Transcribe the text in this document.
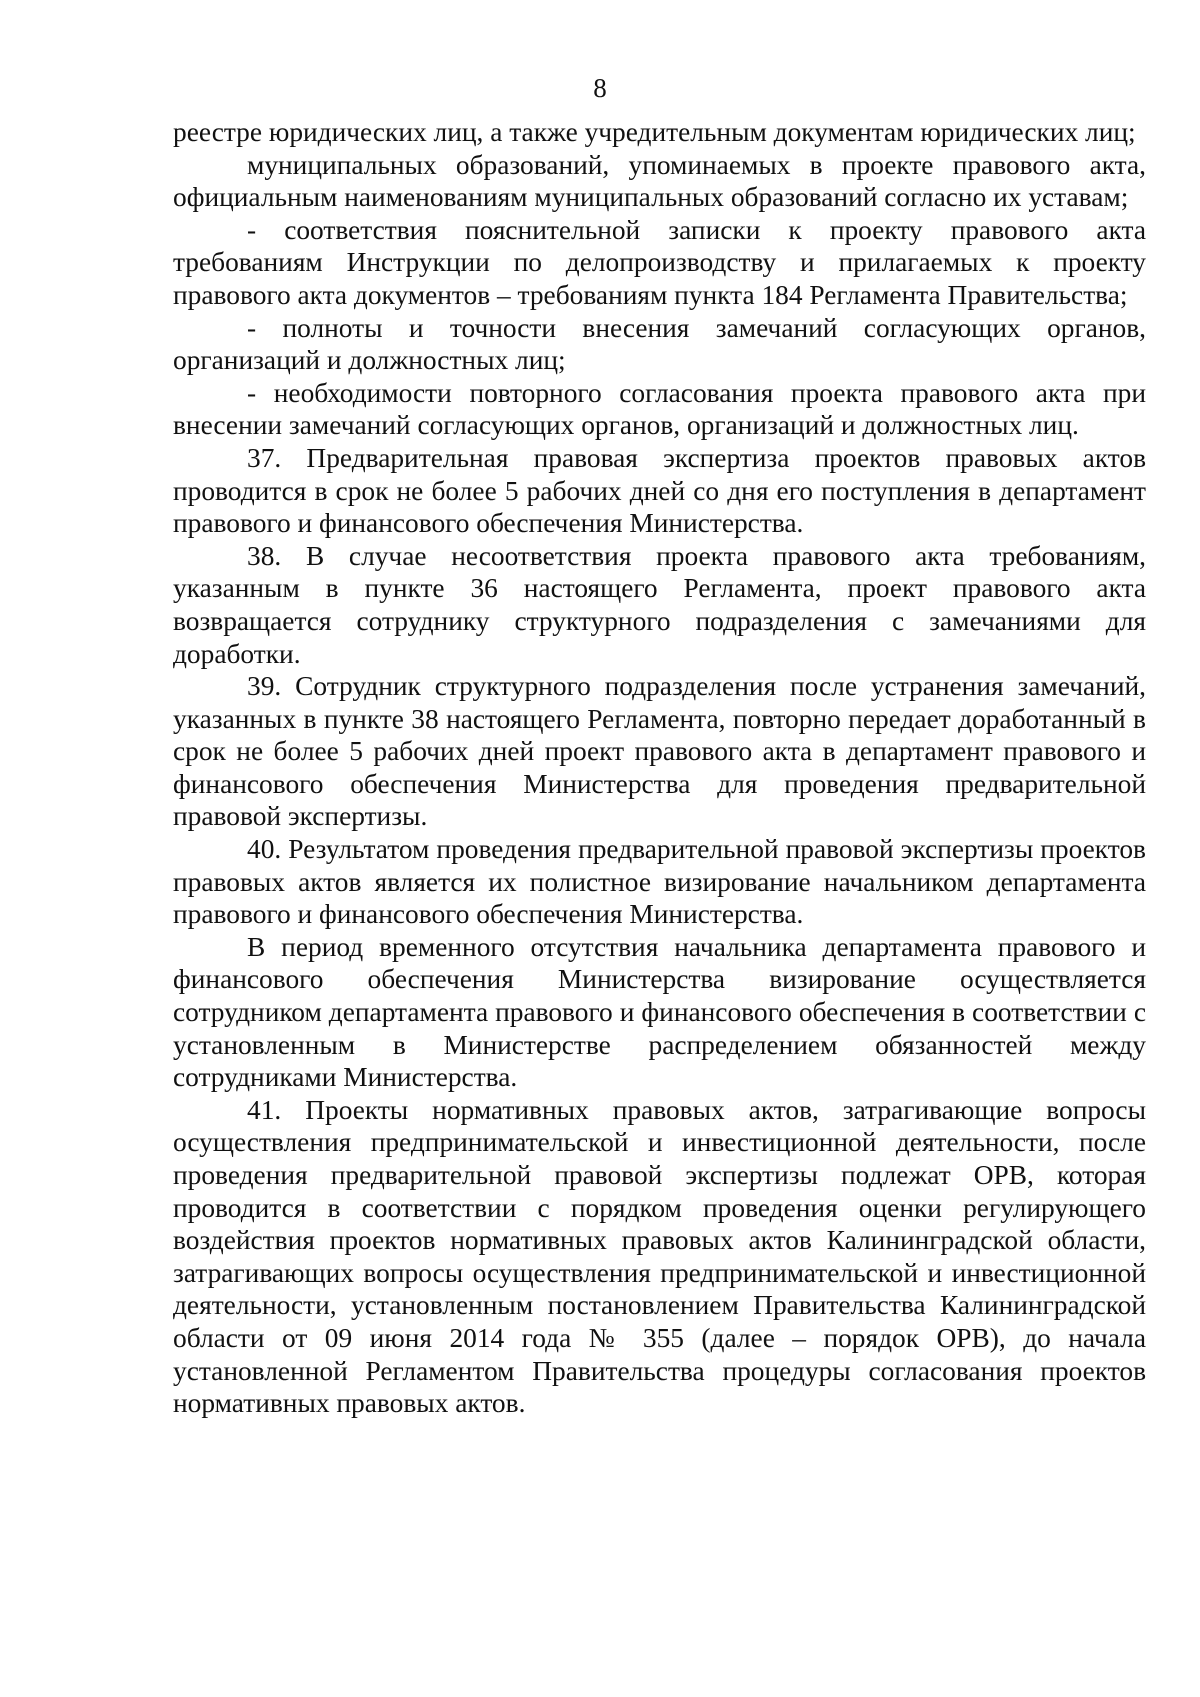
8

реестре юридических лиц, а также учредительным документам юридических лиц;

муниципальных образований, упоминаемых в проекте правового акта, официальным наименованиям муниципальных образований согласно их уставам;

- соответствия пояснительной записки к проекту правового акта требованиям Инструкции по делопроизводству и прилагаемых к проекту правового акта документов – требованиям пункта 184 Регламента Правительства;

- полноты и точности внесения замечаний согласующих органов, организаций и должностных лиц;

- необходимости повторного согласования проекта правового акта при внесении замечаний согласующих органов, организаций и должностных лиц.

37. Предварительная правовая экспертиза проектов правовых актов проводится в срок не более 5 рабочих дней со дня его поступления в департамент правового и финансового обеспечения Министерства.

38. В случае несоответствия проекта правового акта требованиям, указанным в пункте 36 настоящего Регламента, проект правового акта возвращается сотруднику структурного подразделения с замечаниями для доработки.

39. Сотрудник структурного подразделения после устранения замечаний, указанных в пункте 38 настоящего Регламента, повторно передает доработанный в срок не более 5 рабочих дней проект правового акта в департамент правового и финансового обеспечения Министерства для проведения предварительной правовой экспертизы.

40. Результатом проведения предварительной правовой экспертизы проектов правовых актов является их полистное визирование начальником департамента правового и финансового обеспечения Министерства.

В период временного отсутствия начальника департамента правового и финансового обеспечения Министерства визирование осуществляется сотрудником департамента правового и финансового обеспечения в соответствии с установленным в Министерстве распределением обязанностей между сотрудниками Министерства.

41. Проекты нормативных правовых актов, затрагивающие вопросы осуществления предпринимательской и инвестиционной деятельности, после проведения предварительной правовой экспертизы подлежат ОРВ, которая проводится в соответствии с порядком проведения оценки регулирующего воздействия проектов нормативных правовых актов Калининградской области, затрагивающих вопросы осуществления предпринимательской и инвестиционной деятельности, установленным постановлением Правительства Калининградской области от 09 июня 2014 года № 355 (далее – порядок ОРВ), до начала установленной Регламентом Правительства процедуры согласования проектов нормативных правовых актов.
